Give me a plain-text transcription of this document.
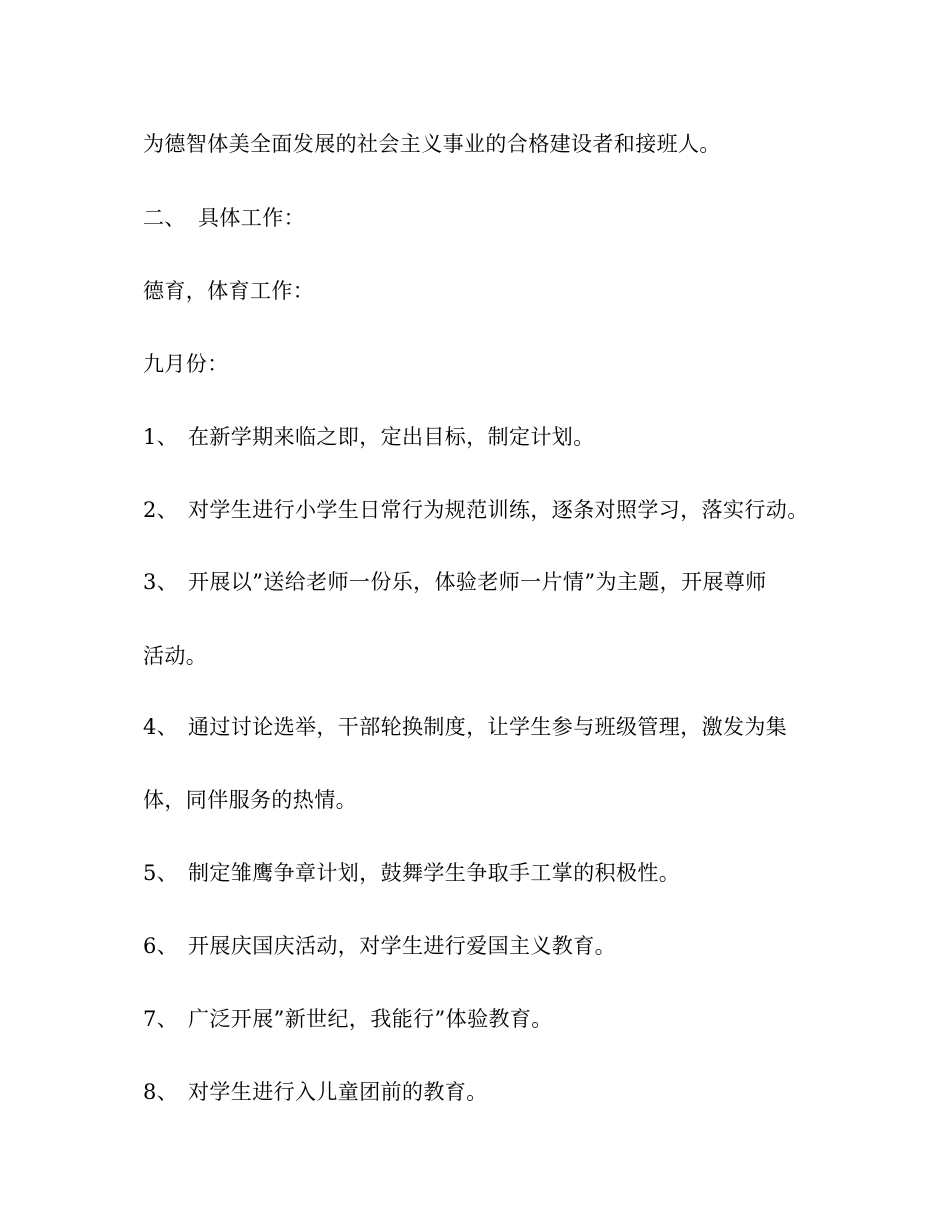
为德智体美全面发展的社会主义事业的合格建设者和接班人。
二、 具体工作：
德育，体育工作：
九月份：
1、 在新学期来临之即，定出目标，制定计划。
2、 对学生进行小学生日常行为规范训练，逐条对照学习，落实行动。
3、 开展以”送给老师一份乐，体验老师一片情”为主题，开展尊师
活动。
4、 通过讨论选举，干部轮换制度，让学生参与班级管理，激发为集
体，同伴服务的热情。
5、 制定雏鹰争章计划，鼓舞学生争取手工掌的积极性。
6、 开展庆国庆活动，对学生进行爱国主义教育。
7、 广泛开展”新世纪，我能行”体验教育。
8、 对学生进行入儿童团前的教育。
